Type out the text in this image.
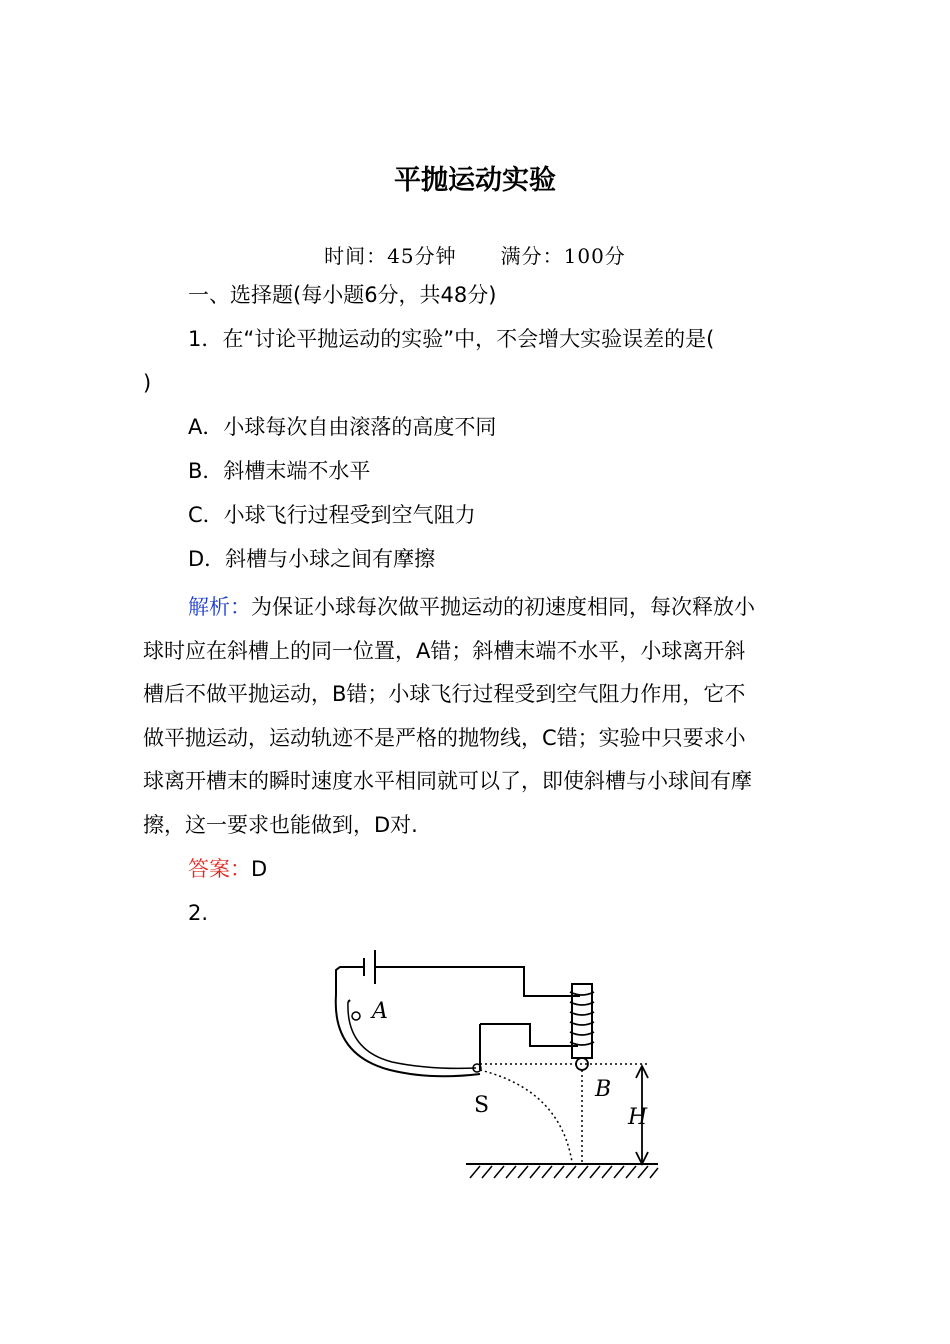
平抛运动实验
时间：45分钟 满分：100分
一、选择题(每小题6分，共48分)
1．在“讨论平抛运动的实验”中，不会增大实验误差的是(
)
A．小球每次自由滚落的高度不同
B．斜槽末端不水平
C．小球飞行过程受到空气阻力
D．斜槽与小球之间有摩擦
解析：为保证小球每次做平抛运动的初速度相同，每次释放小
球时应在斜槽上的同一位置，A错；斜槽末端不水平，小球离开斜
槽后不做平抛运动，B错；小球飞行过程受到空气阻力作用，它不
做平抛运动，运动轨迹不是严格的抛物线，C错；实验中只要求小
球离开槽末的瞬时速度水平相同就可以了，即使斜槽与小球间有摩
擦，这一要求也能做到，D对.
答案：D
2.
A
S
B
H
